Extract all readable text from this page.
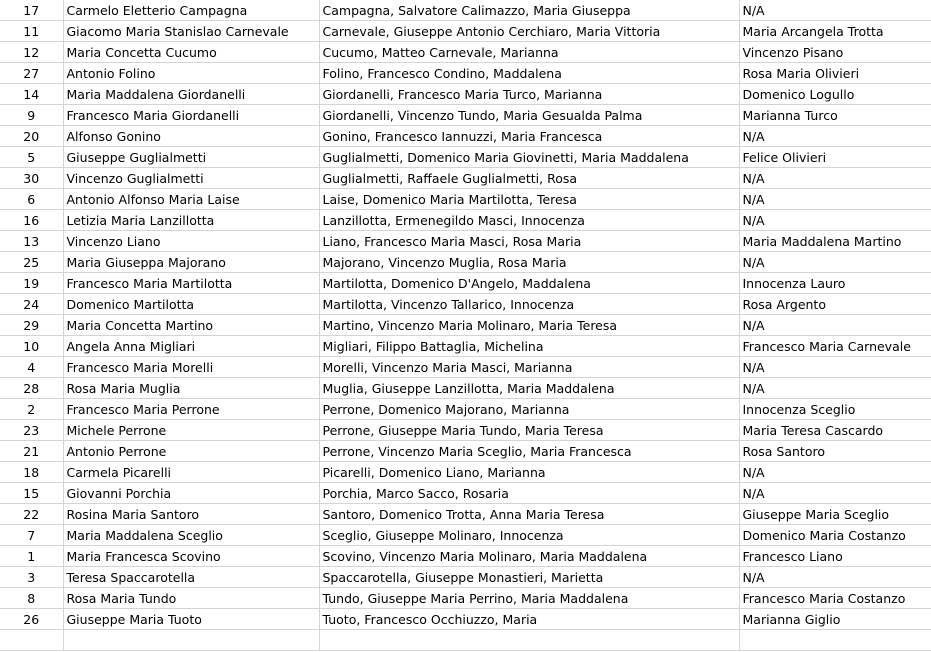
17	Carmelo Eletterio Campagna	Campagna, Salvatore Calimazzo, Maria Giuseppa	N/A
11	Giacomo Maria Stanislao Carnevale	Carnevale, Giuseppe Antonio Cerchiaro, Maria Vittoria	Maria Arcangela Trotta
12	Maria Concetta Cucumo	Cucumo, Matteo Carnevale, Marianna	Vincenzo Pisano
27	Antonio Folino	Folino, Francesco Condino, Maddalena	Rosa Maria Olivieri
14	Maria Maddalena Giordanelli	Giordanelli, Francesco Maria Turco, Marianna	Domenico Logullo
9	Francesco Maria Giordanelli	Giordanelli, Vincenzo Tundo, Maria Gesualda Palma	Marianna Turco
20	Alfonso Gonino	Gonino, Francesco Iannuzzi, Maria Francesca	N/A
5	Giuseppe Guglialmetti	Guglialmetti, Domenico Maria Giovinetti, Maria Maddalena	Felice Olivieri
30	Vincenzo Guglialmetti	Guglialmetti, Raffaele Guglialmetti, Rosa	N/A
6	Antonio Alfonso Maria Laise	Laise, Domenico Maria Martilotta, Teresa	N/A
16	Letizia Maria Lanzillotta	Lanzillotta, Ermenegildo Masci, Innocenza	N/A
13	Vincenzo Liano	Liano, Francesco Maria Masci, Rosa Maria	Maria Maddalena Martino
25	Maria Giuseppa Majorano	Majorano, Vincenzo Muglia, Rosa Maria	N/A
19	Francesco Maria Martilotta	Martilotta, Domenico D'Angelo, Maddalena	Innocenza Lauro
24	Domenico Martilotta	Martilotta, Vincenzo Tallarico, Innocenza	Rosa Argento
29	Maria Concetta Martino	Martino, Vincenzo Maria Molinaro, Maria Teresa	N/A
10	Angela Anna Migliari	Migliari, Filippo Battaglia, Michelina	Francesco Maria Carnevale
4	Francesco Maria Morelli	Morelli, Vincenzo Maria Masci, Marianna	N/A
28	Rosa Maria Muglia	Muglia, Giuseppe Lanzillotta, Maria Maddalena	N/A
2	Francesco Maria Perrone	Perrone, Domenico Majorano, Marianna	Innocenza Sceglio
23	Michele Perrone	Perrone, Giuseppe Maria Tundo, Maria Teresa	Maria Teresa Cascardo
21	Antonio Perrone	Perrone, Vincenzo Maria Sceglio, Maria Francesca	Rosa Santoro
18	Carmela Picarelli	Picarelli, Domenico Liano, Marianna	N/A
15	Giovanni Porchia	Porchia, Marco Sacco, Rosaria	N/A
22	Rosina Maria Santoro	Santoro, Domenico Trotta, Anna Maria Teresa	Giuseppe Maria Sceglio
7	Maria Maddalena Sceglio	Sceglio, Giuseppe Molinaro, Innocenza	Domenico Maria Costanzo
1	Maria Francesca Scovino	Scovino, Vincenzo Maria Molinaro, Maria Maddalena	Francesco Liano
3	Teresa Spaccarotella	Spaccarotella, Giuseppe Monastieri, Marietta	N/A
8	Rosa Maria Tundo	Tundo, Giuseppe Maria Perrino, Maria Maddalena	Francesco Maria Costanzo
26	Giuseppe Maria Tuoto	Tuoto, Francesco Occhiuzzo, Maria	Marianna Giglio
